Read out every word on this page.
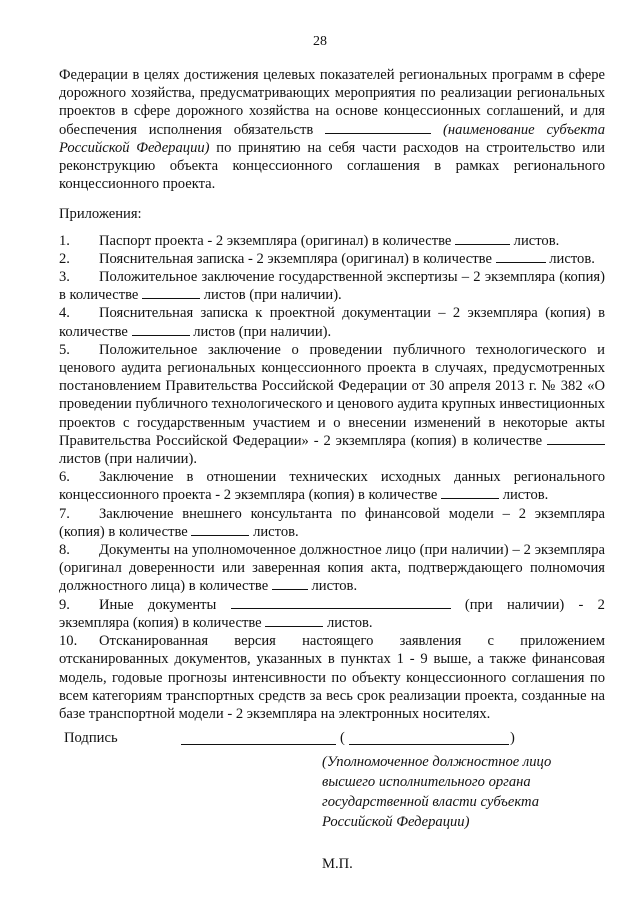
28

Федерации в целях достижения целевых показателей региональных программ в сфере дорожного хозяйства, предусматривающих мероприятия по реализации региональных проектов в сфере дорожного хозяйства на основе концессионных соглашений, и для обеспечения исполнения обязательств	(наименование субъекта Российской Федерации) по принятию на себя части расходов на строительство или реконструкцию объекта концессионного соглашения в рамках регионального концессионного проекта.

Приложения:

1. Паспорт проекта - 2 экземпляра (оригинал) в количестве	листов.

2. Пояснительная записка - 2 экземпляра (оригинал) в количестве	листов.

3. Положительное заключение государственной экспертизы – 2 экземпляра (копия) в количестве	листов (при наличии).

4. Пояснительная записка к проектной документации – 2 экземпляра (копия) в количестве	листов (при наличии).

5. Положительное заключение о проведении публичного технологического и ценового аудита региональных концессионного проекта в случаях, предусмотренных постановлением Правительства Российской Федерации от 30 апреля 2013 г. № 382 «О проведении публичного технологического и ценового аудита крупных инвестиционных проектов с государственным участием и о внесении изменений в некоторые акты Правительства Российской Федерации» - 2 экземпляра (копия) в количестве  листов (при наличии).

6. Заключение в отношении технических исходных данных регионального концессионного проекта - 2 экземпляра (копия) в количестве	листов.

7. Заключение внешнего консультанта по финансовой модели – 2 экземпляра (копия) в количестве	листов.

8. Документы на уполномоченное должностное лицо (при наличии) – 2 экземпляра (оригинал доверенности или заверенная копия акта, подтверждающего полномочия должностного лица) в количестве	листов.

9. Иные документы	(при наличии) - 2 экземпляра (копия) в количестве	листов.

10. Отсканированная версия настоящего заявления с приложением отсканированных документов, указанных в пунктах 1 - 9 выше, а также финансовая модель, годовые прогнозы интенсивности по объекту концессионного соглашения по всем категориям транспортных средств за весь срок реализации проекта, созданные на базе транспортной модели - 2 экземпляра на электронных носителях.

Подпись	(	)
(Уполномоченное должностное лицо высшего исполнительного органа государственной власти субъекта Российской Федерации)
М.П.
